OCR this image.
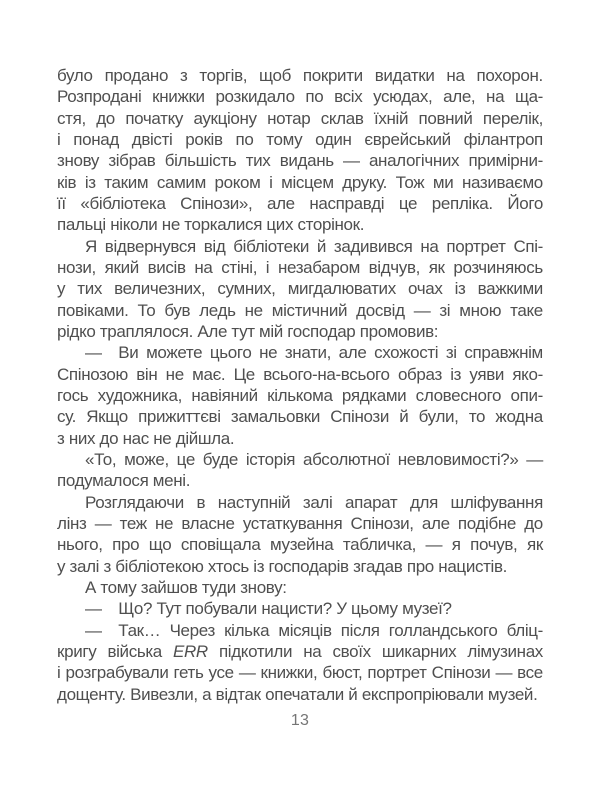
було продано з торгів, щоб покрити видатки на похорон.
Розпродані книжки розкидало по всіх усюдах, але, на ща-
стя, до початку аукціону нотар склав їхній повний перелік,
і понад двісті років по тому один єврейський філантроп
знову зібрав більшість тих видань — аналогічних примірни-
ків із таким самим роком і місцем друку. Тож ми називаємо
її «бібліотека Спінози», але насправді це репліка. Його
пальці ніколи не торкалися цих сторінок.
Я відвернувся від бібліотеки й задивився на портрет Спі-
нози, який висів на стіні, і незабаром відчув, як розчиняюсь
у тих величезних, сумних, мигдалюватих очах із важкими
повіками. То був ледь не містичний досвід — зі мною таке
рідко траплялося. Але тут мій господар промовив:
— Ви можете цього не знати, але схожості зі справжнім
Спінозою він не має. Це всього-на-всього образ із уяви яко-
гось художника, навіяний кількома рядками словесного опи-
су. Якщо прижиттєві замальовки Спінози й були, то жодна
з них до нас не дійшла.
«То, може, це буде історія абсолютної невловимості?» —
подумалося мені.
Розглядаючи в наступній залі апарат для шліфування
лінз — теж не власне устаткування Спінози, але подібне до
нього, про що сповіщала музейна табличка, — я почув, як
у залі з бібліотекою хтось із господарів згадав про нацистів.
А тому зайшов туди знову:
— Що? Тут побували нацисти? У цьому музеї?
— Так… Через кілька місяців після голландського бліц-
кригу війська ERR підкотили на своїх шикарних лімузинах
і розграбували геть усе — книжки, бюст, портрет Спінози — все
дощенту. Вивезли, а відтак опечатали й експропріювали музей.
13
